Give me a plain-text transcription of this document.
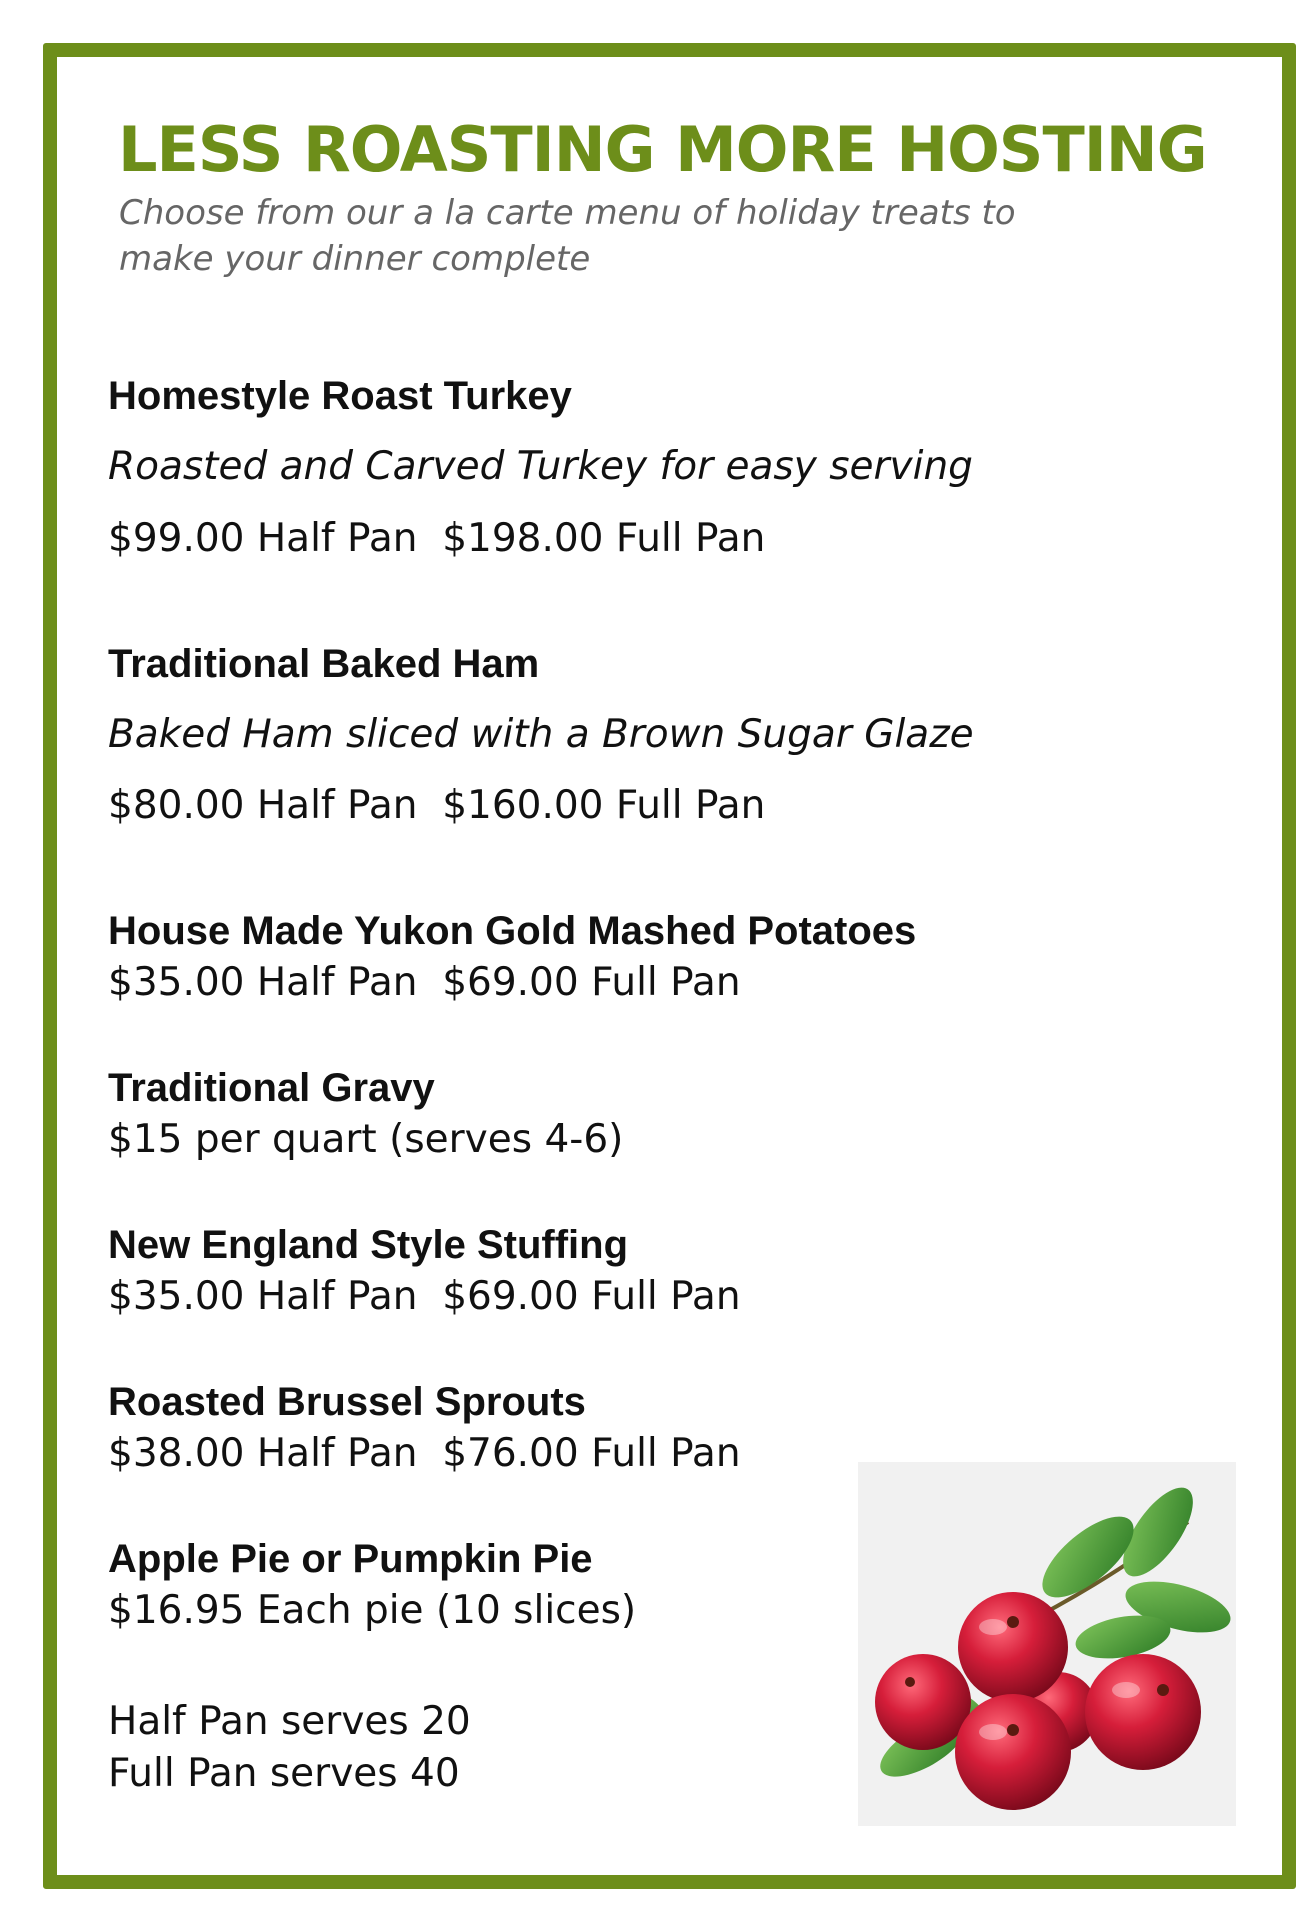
LESS ROASTING MORE HOSTING

Choose from our a la carte menu of holiday treats to make your dinner complete

Homestyle Roast Turkey
Roasted and Carved Turkey for easy serving
$99.00 Half Pan  $198.00 Full Pan
Traditional Baked Ham
Baked Ham sliced with a Brown Sugar Glaze
$80.00 Half Pan  $160.00 Full Pan
House Made Yukon Gold Mashed Potatoes
$35.00 Half Pan  $69.00 Full Pan
Traditional Gravy
$15 per quart (serves 4-6)
New England Style Stuffing
$35.00 Half Pan  $69.00 Full Pan
Roasted Brussel Sprouts
$38.00 Half Pan  $76.00 Full Pan
Apple Pie or Pumpkin Pie
$16.95 Each pie (10 slices)
Half Pan serves 20
Full Pan serves 40
